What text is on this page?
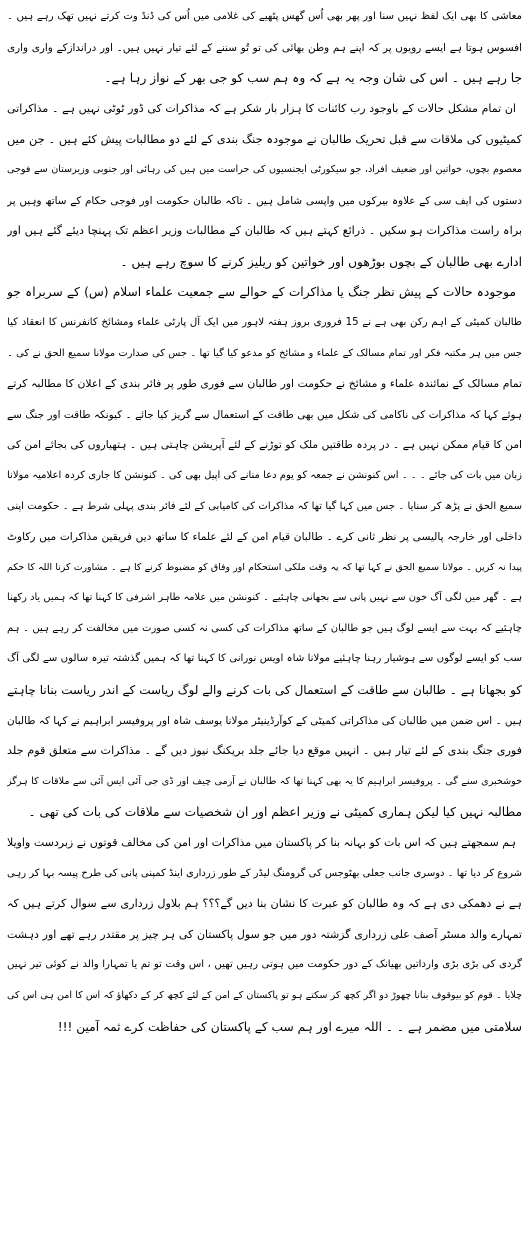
معاشی کا بھی ایک لفظ نہیں سنا اور پھر بھی اُس گھس پٹھیے کی غلامی میں اُس کی ڈنڈ وت کرتے نہیں تھک رہے ہیں ۔
افسوس ہوتا ہے ایسے رویوں پر کہ اپنے ہم وطن بھائی کی تو تُو سننے کے لئے تیار نہیں ہیں۔ اور دراندازکے واری واری
جا رہے ہیں ۔ اس کی شان وجہ یہ ہے کہ وہ ہم سب کو جی بھر کے نواز رہا ہے۔
ان تمام مشکل حالات کے باوجود رب کائنات کا ہزار بار شکر ہے کہ مذاکرات کی ڈور ٹوٹی نہیں ہے ۔ مذاکراتی
کمیٹیوں کی ملاقات سے قبل تحریک طالبان نے موجودہ جنگ بندی کے لئے دو مطالبات پیش کئے ہیں ۔ جن میں
معصوم بچوں، خواتین اور ضعیف افراد، جو سیکورٹی ایجنسیوں کی حراست میں ہیں کی رہائی اور جنوبی وزیرستان سے فوجی
دستوں کی ایف سی کے علاوہ بیرکوں میں واپسی شامل ہیں ۔ تاکہ طالبان حکومت اور فوجی حکام کے ساتھ وہیں پر
براہ راست مذاکرات ہو سکیں ۔ ذرائع کہتے ہیں کہ طالبان کے مطالبات وزیر اعظم تک پہنچا دیئے گئے ہیں اور
ادارے بھی طالبان کے بچوں بوڑھوں اور خواتین کو ریلیز کرنے کا سوچ رہے ہیں ۔
موجودہ حالات کے پیش نظر جنگ یا مذاکرات کے حوالے سے جمعیت علماء اسلام (س) کے سربراہ جو
طالبان کمیٹی کے اہم رکن بھی ہے نے 15 فروری بروز ہفتہ لاہور میں ایک آل پارٹی علماء ومشائخ کانفرنس کا انعقاد کیا
جس میں ہر مکتبہ فکر اور تمام مسالک کے علماء و مشائخ کو مدعو کیا گیا تھا ۔ جس کی صدارت مولانا سمیع الحق نے کی ۔
تمام مسالک کے نمائندہ علماء و مشائخ نے حکومت اور طالبان سے فوری طور پر فائر بندی کے اعلان کا مطالبہ کرتے
ہوئے کہا کہ مذاکرات کی ناکامی کی شکل میں بھی طاقت کے استعمال سے گریز کیا جائے ۔ کیونکہ طاقت اور جنگ سے
امن کا قیام ممکن نہیں ہے ۔ در پردہ طاقتیں ملک کو توڑنے کے لئے آپریشن چاہتی ہیں ۔ ہتھیاروں کی بجائے امن کی
زبان میں بات کی جائے ۔ ۔ ۔ اس کنونشن نے جمعہ کو یوم دعا منانے کی اپیل بھی کی ۔ کنونشن کا جاری کردہ اعلامیہ مولانا
سمیع الحق نے پڑھ کر سنایا ۔ جس میں کہا گیا تھا کہ مذاکرات کی کامیابی کے لئے فائر بندی پہلی شرط ہے ۔ حکومت اپنی
داخلی اور خارجہ پالیسی پر نظر ثانی کرے ۔ طالبان قیام امن کے لئے علماء کا ساتھ دیں فریقین مذاکرات میں رکاوٹ
پیدا نہ کریں ۔ مولانا سمیع الحق نے کہا تھا کہ یہ وقت ملکی استحکام اور وفاق کو مضبوط کرنے کا ہے ۔ مشاورت کرنا اللہ کا حکم
ہے ۔ گھر میں لگی آگ خون سے نہیں پانی سے بجھانی چاہئیے ۔ کنونشن میں علامہ طاہر اشرفی کا کہنا تھا کہ ہمیں یاد رکھنا
چاہئیے کہ بہت سے ایسے لوگ ہیں جو طالبان کے ساتھ مذاکرات کی کسی نہ کسی صورت میں مخالفت کر رہے ہیں ۔ ہم
سب کو ایسے لوگوں سے ہوشیار رہنا چاہئیے مولانا شاہ اویس نورانی کا کہنا تھا کہ ہمیں گذشتہ تیرہ سالوں سے لگی آگ
کو بجھانا ہے ۔ طالبان سے طاقت کے استعمال کی بات کرنے والے لوگ ریاست کے اندر ریاست بنانا چاہتے
ہیں ۔ اس ضمن میں طالبان کی مذاکراتی کمیٹی کے کوآرڈینیٹر مولانا یوسف شاہ اور پروفیسر ابراہیم نے کہا کہ طالبان
فوری جنگ بندی کے لئے تیار ہیں ۔ انہیں موقع دیا جائے جلد بریکنگ نیوز دیں گے ۔ مذاکرات سے متعلق قوم جلد
خوشخبری سنے گی ۔ پروفیسر ابراہیم کا یہ بھی کہنا تھا کہ طالبان نے آرمی چیف اور ڈی جی آئی ایس آئی سے ملاقات کا ہرگز
مطالبہ نہیں کیا لیکن ہماری کمیٹی نے وزیر اعظم اور ان شخصیات سے ملاقات کی بات کی تھی ۔
ہم سمجھتے ہیں کہ اس بات کو بہانہ بنا کر پاکستان میں مذاکرات اور امن کی مخالف قوتوں نے زبردست واویلا
شروع کر دیا تھا ۔ دوسری جانب جعلی بھٹوجس کی گرومنگ لیڈر کے طور زرداری اینڈ کمپنی پانی کی طرح پیسہ بہا کر رہی
ہے نے دھمکی دی ہے کہ وہ طالبان کو عبرت کا نشان بنا دیں گے؟؟؟ ہم بلاول زرداری سے سوال کرتے ہیں کہ
تمہارے والد مسٹر آصف علی زرداری گزشتہ دور میں جو سول پاکستان کی ہر چیز پر مقتدر رہے تھے اور دہشت
گردی کی بڑی بڑی وارداتیں بھیانک کے دور حکومت میں ہوتی رہیں تھیں ، اس وقت تو تم یا تمہارا والد نے کوئی تیر نہیں
چلایا ۔ قوم کو بیوقوف بنانا چھوڑ دو اگر کچھ کر سکتے ہو تو پاکستان کے امن کے لئے کچھ کر کے دکھاؤ کہ اس کا امن ہی اس کی
سلامتی میں مضمر ہے ۔ ۔ اللہ میرے اور ہم سب کے پاکستان کی حفاظت کرے ثمہ آمین !!!
